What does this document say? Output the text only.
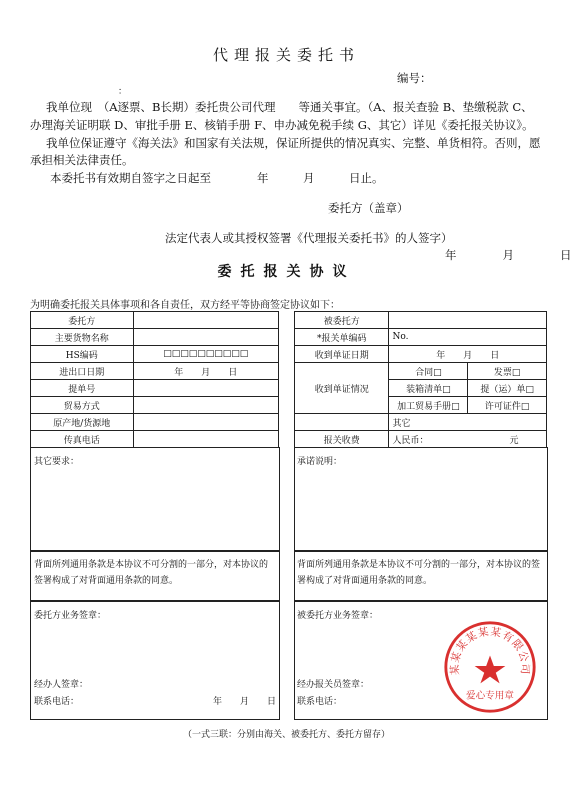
代理报关委托书
编号：
：
我单位现　（A逐票、B长期）委托贵公司代理　　等通关事宜。（A、报关查验 B、垫缴税款 C、
办理海关证明联 D、审批手册 E、核销手册 F、申办减免税手续 G、其它）详见《委托报关协议》。
我单位保证遵守《海关法》和国家有关法规，保证所提供的情况真实、完整、单货相符。否则，愿
承担相关法律责任。
本委托书有效期自签字之日起至　　　　年　　　月　　　日止。
委托方（盖章）
法定代表人或其授权签署《代理报关委托书》的人签字）
年　　　　月　　　　日
委托报关协议
为明确委托报关具体事项和各自责任，双方经平等协商签定协议如下：
委托方	
主要货物名称	
HS编码	□□□□□□□□□□
进出口日期	年　　月　　日
提单号	
贸易方式	
原产地/货源地	
传真电话	
被委托方		
*报关单编码	No.	
收到单证日期	年　　月　　日	
收到单证情况	合同□	发票□
	装箱清单□	提（运）单□
	加工贸易手册□	许可证件□
	其它	
报关收费	人民币： 元	
其它要求：
背面所列通用条款是本协议不可分割的一部分，对本协议的签署构成了对背面通用条款的同意。
委托方业务签章：
经办人签章：
联系电话：	年　　月　　日
承诺说明：
背面所列通用条款是本协议不可分割的一部分，对本协议的签署构成了对背面通用条款的同意。
被委托方业务签章：
经办报关员签章：
联系电话：
（一式三联：分别由海关、被委托方、委托方留存）
某某某某某某有限公司
爱心专用章
